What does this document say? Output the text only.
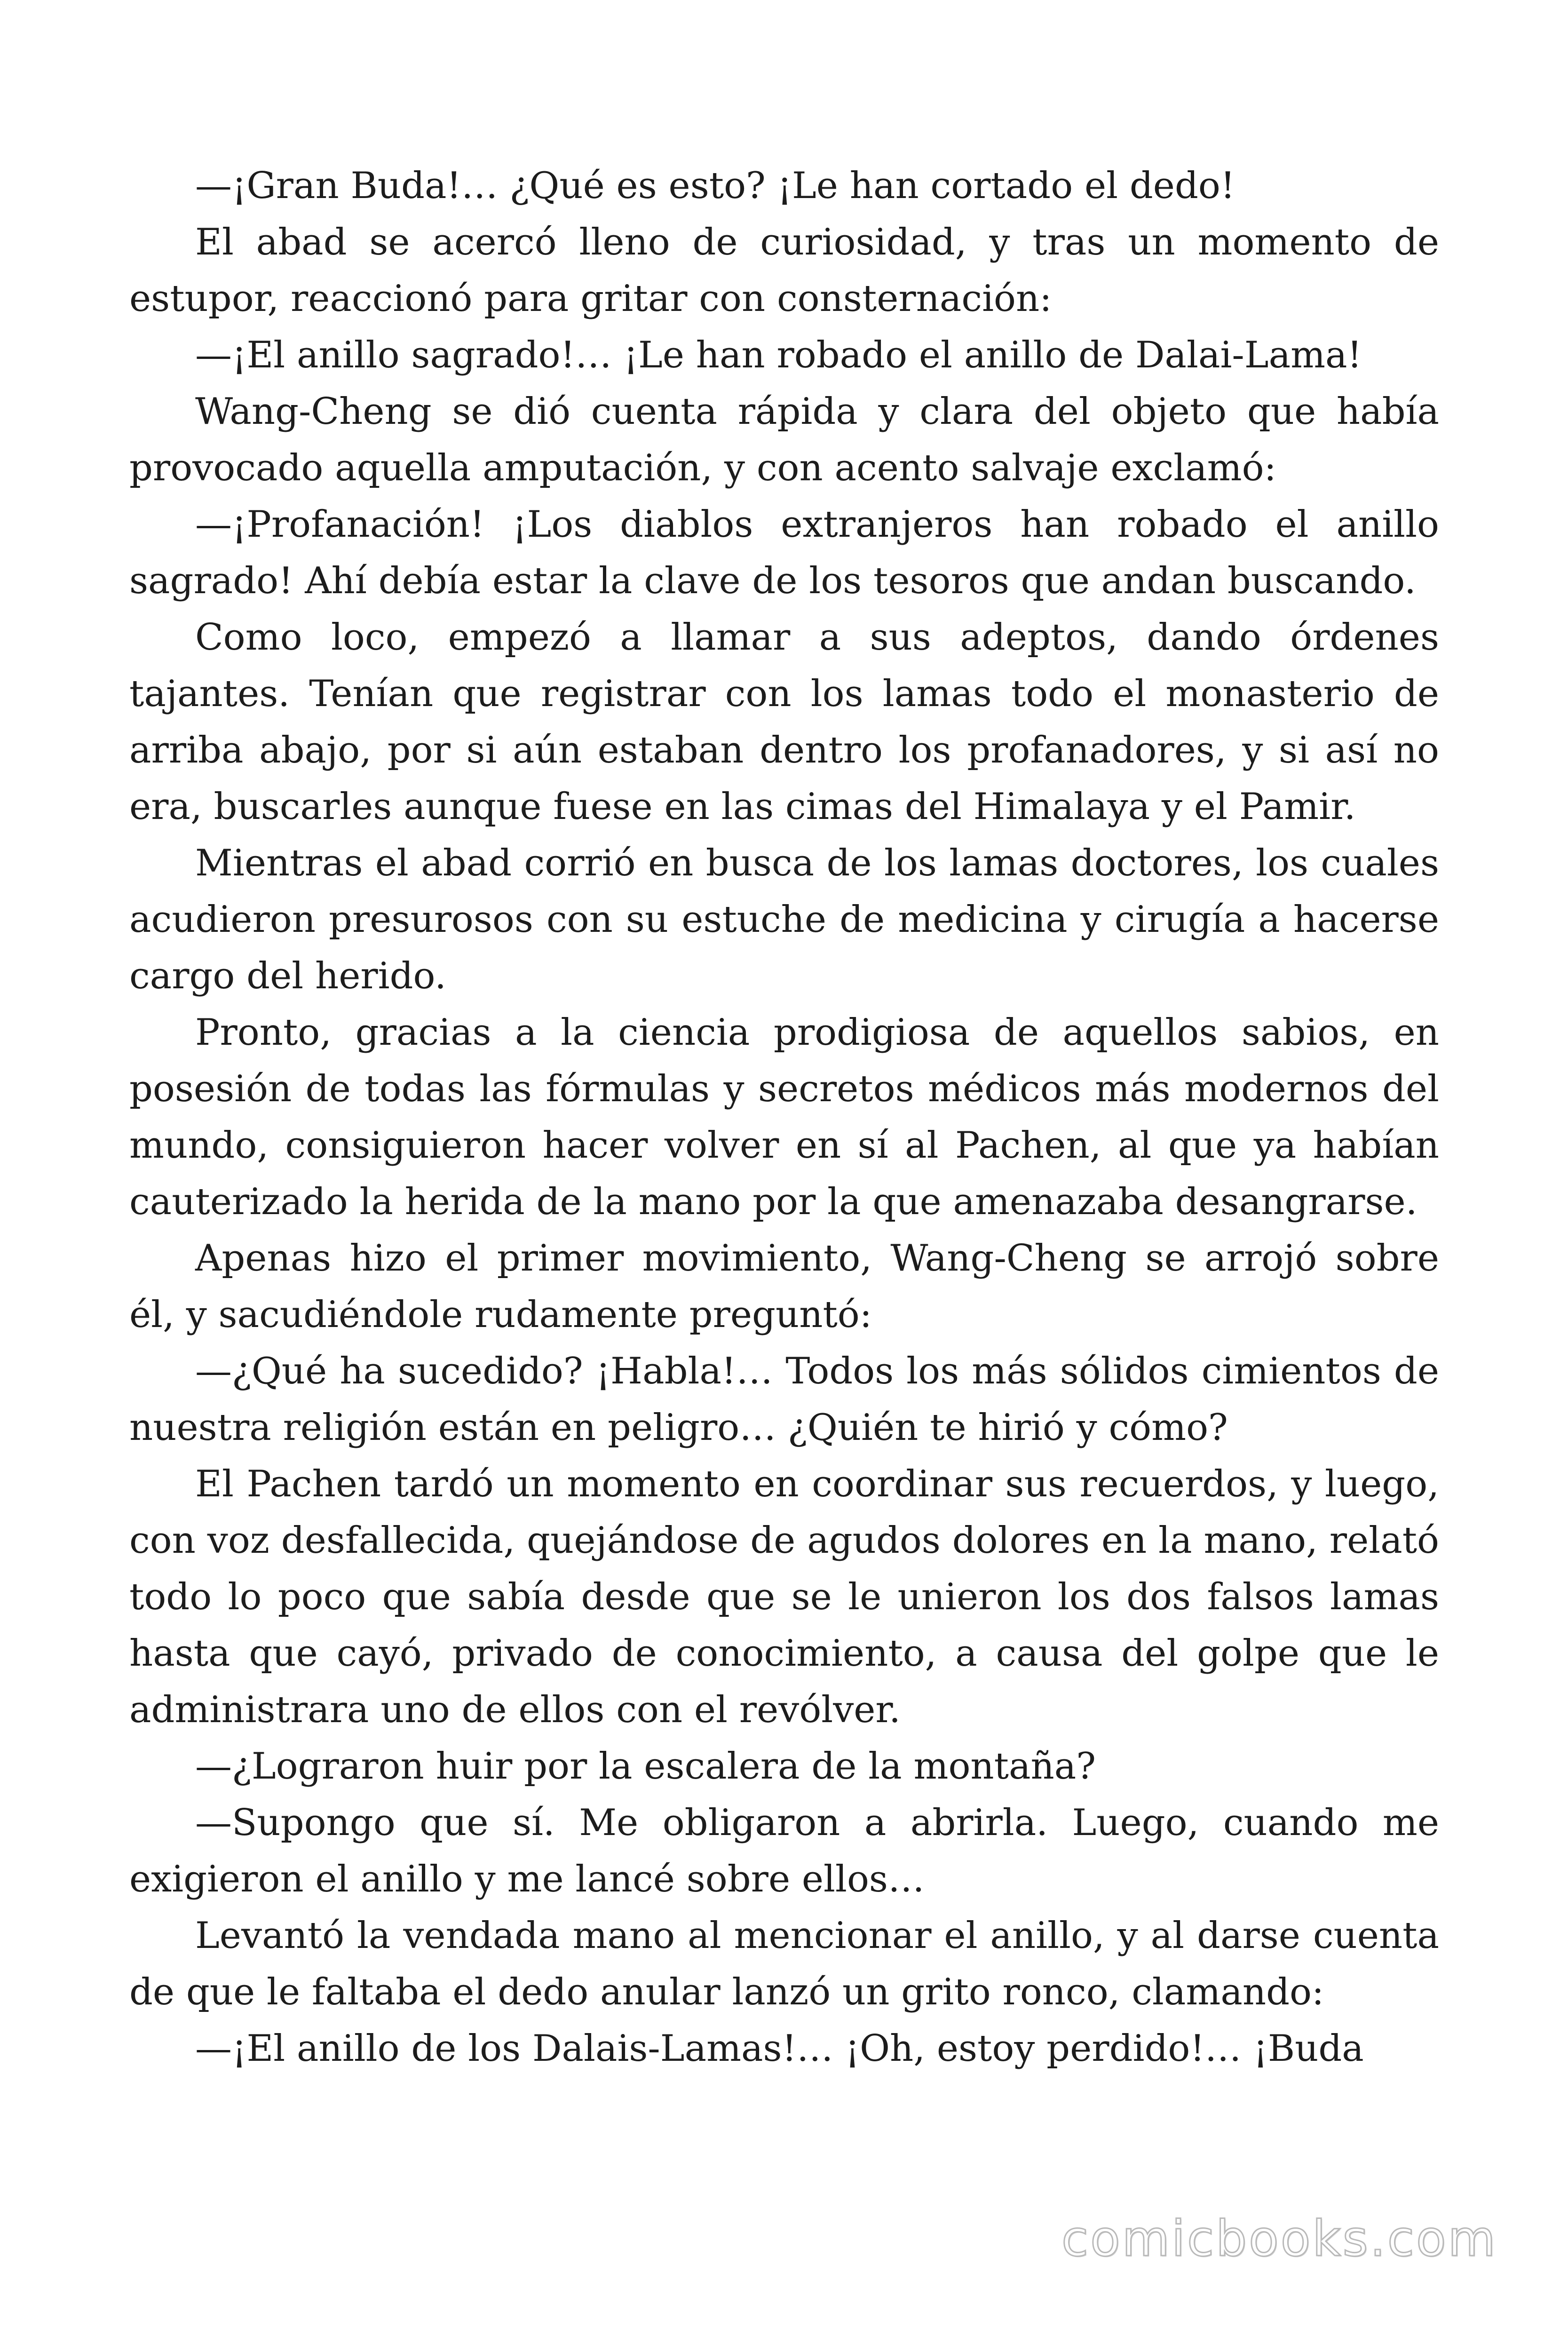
—¡Gran Buda!… ¿Qué es esto? ¡Le han cortado el dedo!

El abad se acercó lleno de curiosidad, y tras un momento de estupor, reaccionó para gritar con consternación:

—¡El anillo sagrado!… ¡Le han robado el anillo de Dalai-Lama!

Wang-Cheng se dió cuenta rápida y clara del objeto que había provocado aquella amputación, y con acento salvaje exclamó:

—¡Profanación! ¡Los diablos extranjeros han robado el anillo sagrado! Ahí debía estar la clave de los tesoros que andan buscando.

Como loco, empezó a llamar a sus adeptos, dando órdenes tajantes. Tenían que registrar con los lamas todo el monasterio de arriba abajo, por si aún estaban dentro los profanadores, y si así no era, buscarles aunque fuese en las cimas del Himalaya y el Pamir.

Mientras el abad corrió en busca de los lamas doctores, los cuales acudieron presurosos con su estuche de medicina y cirugía a hacerse cargo del herido.

Pronto, gracias a la ciencia prodigiosa de aquellos sabios, en posesión de todas las fórmulas y secretos médicos más modernos del mundo, consiguieron hacer volver en sí al Pachen, al que ya habían cauterizado la herida de la mano por la que amenazaba desangrarse.

Apenas hizo el primer movimiento, Wang-Cheng se arrojó sobre él, y sacudiéndole rudamente preguntó:

—¿Qué ha sucedido? ¡Habla!… Todos los más sólidos cimientos de nuestra religión están en peligro… ¿Quién te hirió y cómo?

El Pachen tardó un momento en coordinar sus recuerdos, y luego, con voz desfallecida, quejándose de agudos dolores en la mano, relató todo lo poco que sabía desde que se le unieron los dos falsos lamas hasta que cayó, privado de conocimiento, a causa del golpe que le administrara uno de ellos con el revólver.

—¿Lograron huir por la escalera de la montaña?

—Supongo que sí. Me obligaron a abrirla. Luego, cuando me exigieron el anillo y me lancé sobre ellos…

Levantó la vendada mano al mencionar el anillo, y al darse cuenta de que le faltaba el dedo anular lanzó un grito ronco, clamando:

—¡El anillo de los Dalais-Lamas!… ¡Oh, estoy perdido!… ¡Buda

comicbooks.com
